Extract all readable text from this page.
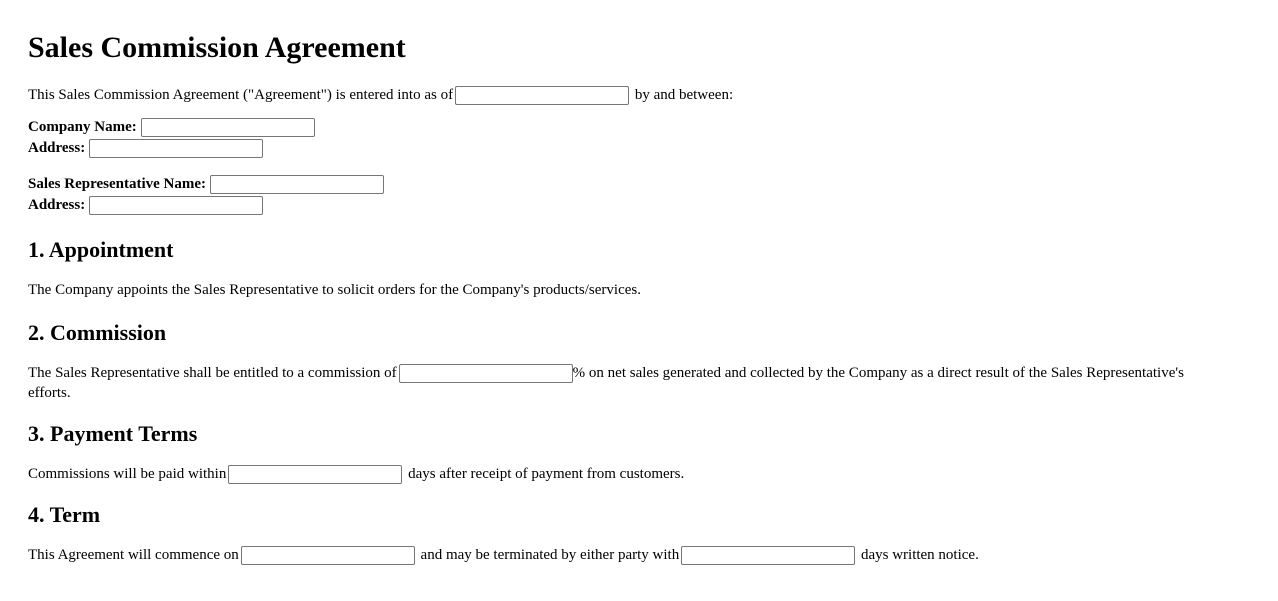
Sales Commission Agreement

This Sales Commission Agreement ("Agreement") is entered into as of	by and between:

Company Name:
Address:
Sales Representative Name:
Address:
1. Appointment

The Company appoints the Sales Representative to solicit orders for the Company's products/services.

2. Commission

The Sales Representative shall be entitled to a commission of	% on net sales generated and collected by the Company as a direct result of the Sales Representative's efforts.

3. Payment Terms

Commissions will be paid within	days after receipt of payment from customers.

4. Term

This Agreement will commence on	and may be terminated by either party with	days written notice.
